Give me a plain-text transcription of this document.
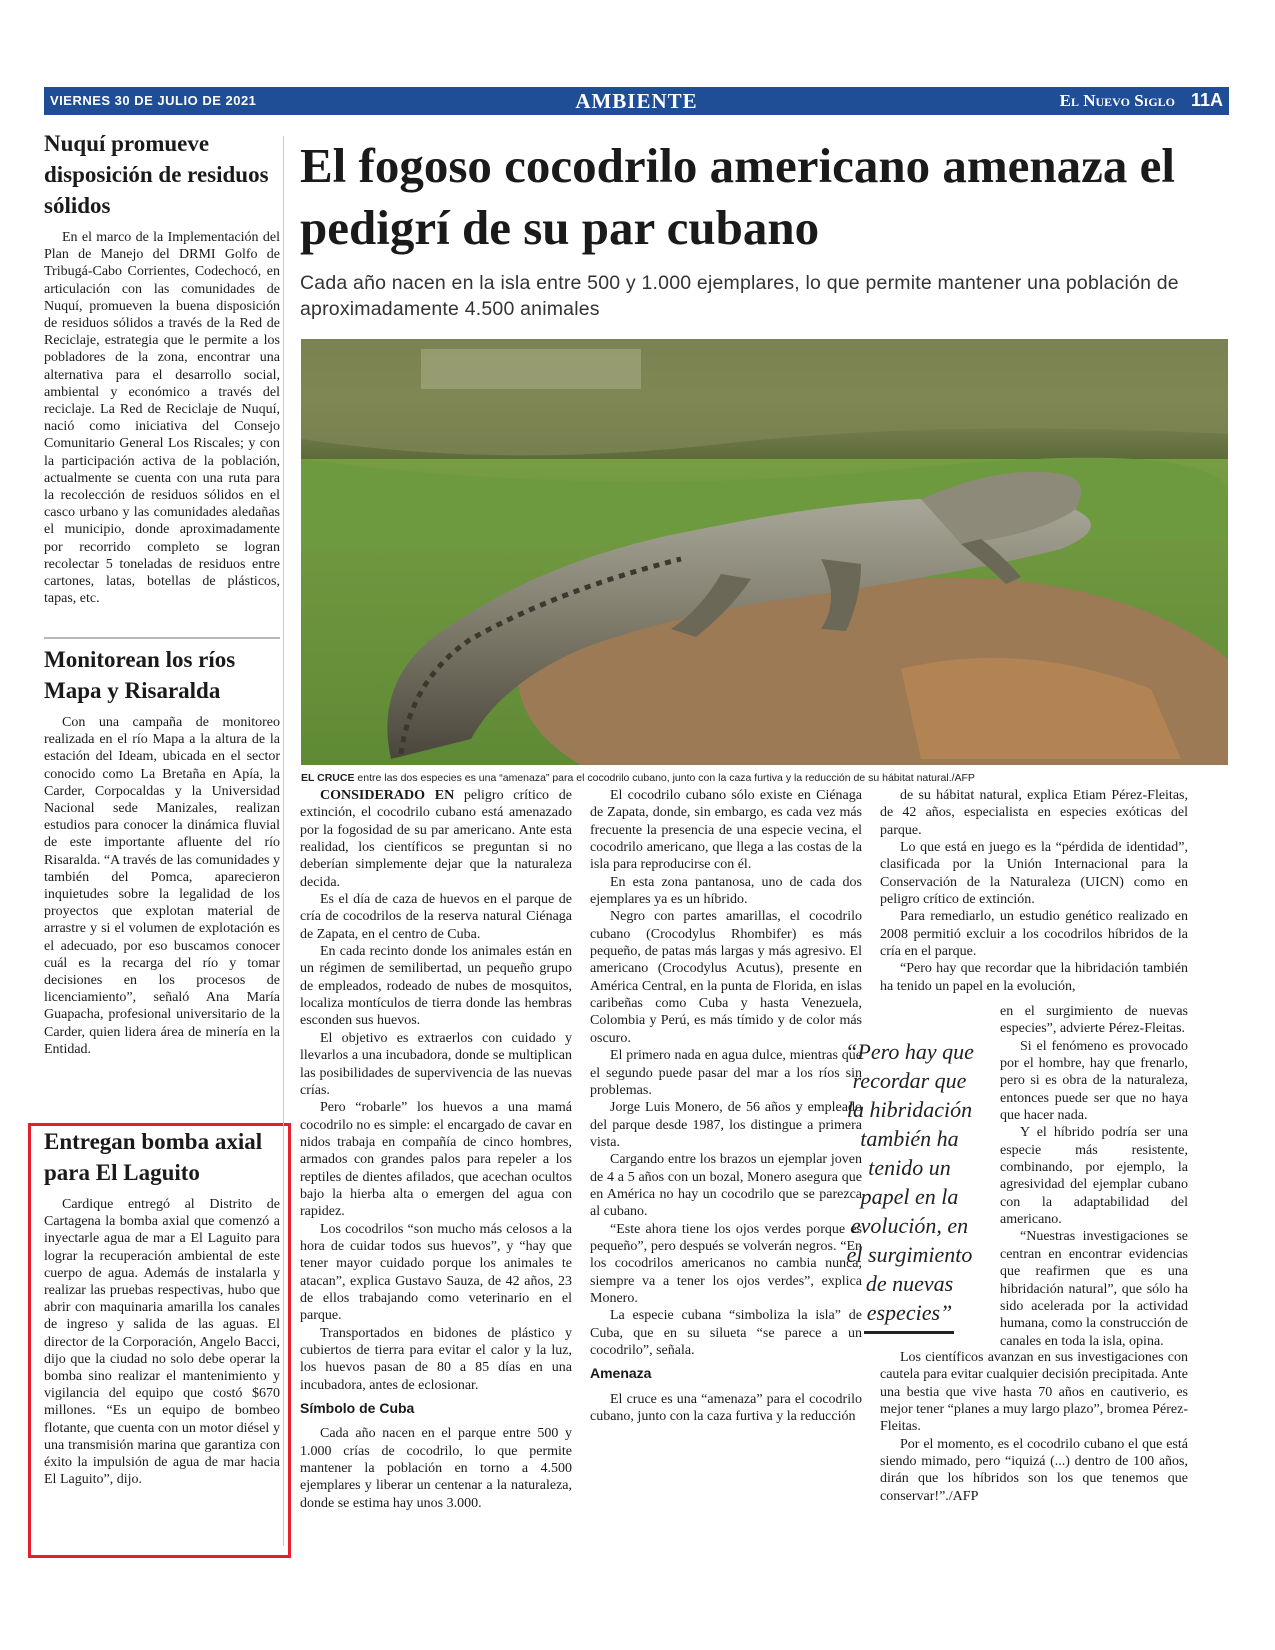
VIERNES 30 DE JULIO DE 2021	AMBIENTE	El Nuevo Siglo 11A
Nuquí promueve disposición de residuos sólidos

En el marco de la Implementación del Plan de Manejo del DRMI Golfo de Tribugá-Cabo Corrientes, Codechocó, en articulación con las comunidades de Nuquí, promueven la buena disposición de residuos sólidos a través de la Red de Reciclaje, estrategia que le permite a los pobladores de la zona, encontrar una alternativa para el desarrollo social, ambiental y económico a través del reciclaje. La Red de Reciclaje de Nuquí, nació como iniciativa del Consejo Comunitario General Los Riscales; y con la participación activa de la población, actualmente se cuenta con una ruta para la recolección de residuos sólidos en el casco urbano y las comunidades aledañas el municipio, donde aproximadamente por recorrido completo se logran recolectar 5 toneladas de residuos entre cartones, latas, botellas de plásticos, tapas, etc.

Monitorean los ríos Mapa y Risaralda

Con una campaña de monitoreo realizada en el río Mapa a la altura de la estación del Ideam, ubicada en el sector conocido como La Bretaña en Apía, la Carder, Corpocaldas y la Universidad Nacional sede Manizales, realizan estudios para conocer la dinámica fluvial de este importante afluente del río Risaralda. “A través de las comunidades y también del Pomca, aparecieron inquietudes sobre la legalidad de los proyectos que explotan material de arrastre y si el volumen de explotación es el adecuado, por eso buscamos conocer cuál es la recarga del río y tomar decisiones en los procesos de licenciamiento”, señaló Ana María Guapacha, profesional universitario de la Carder, quien lidera área de minería en la Entidad.

Entregan bomba axial para El Laguito

Cardique entregó al Distrito de Cartagena la bomba axial que comenzó a inyectarle agua de mar a El Laguito para lograr la recuperación ambiental de este cuerpo de agua. Además de instalarla y realizar las pruebas respectivas, hubo que abrir con maquinaria amarilla los canales de ingreso y salida de las aguas. El director de la Corporación, Angelo Bacci, dijo que la ciudad no solo debe operar la bomba sino realizar el mantenimiento y vigilancia del equipo que costó $670 millones. “Es un equipo de bombeo flotante, que cuenta con un motor diésel y una transmisión marina que garantiza con éxito la impulsión de agua de mar hacia El Laguito”, dijo.

El fogoso cocodrilo americano amenaza el pedigrí de su par cubano
Cada año nacen en la isla entre 500 y 1.000 ejemplares, lo que permite mantener una población de aproximadamente 4.500 animales
EL CRUCE entre las dos especies es una “amenaza” para el cocodrilo cubano, junto con la caza furtiva y la reducción de su hábitat natural./AFP

CONSIDERADO EN peligro crítico de extinción, el cocodrilo cubano está amenazado por la fogosidad de su par americano. Ante esta realidad, los científicos se preguntan si no deberían simplemente dejar que la naturaleza decida.

Es el día de caza de huevos en el parque de cría de cocodrilos de la reserva natural Ciénaga de Zapata, en el centro de Cuba.

En cada recinto donde los animales están en un régimen de semilibertad, un pequeño grupo de empleados, rodeado de nubes de mosquitos, localiza montículos de tierra donde las hembras esconden sus huevos.

El objetivo es extraerlos con cuidado y llevarlos a una incubadora, donde se multiplican las posibilidades de supervivencia de las nuevas crías.

Pero “robarle” los huevos a una mamá cocodrilo no es simple: el encargado de cavar en nidos trabaja en compañía de cinco hombres, armados con grandes palos para repeler a los reptiles de dientes afilados, que acechan ocultos bajo la hierba alta o emergen del agua con rapidez.

Los cocodrilos “son mucho más celosos a la hora de cuidar todos sus huevos”, y “hay que tener mayor cuidado porque los animales te atacan”, explica Gustavo Sauza, de 42 años, 23 de ellos trabajando como veterinario en el parque.

Transportados en bidones de plástico y cubiertos de tierra para evitar el calor y la luz, los huevos pasan de 80 a 85 días en una incubadora, antes de eclosionar.

Símbolo de Cuba

Cada año nacen en el parque entre 500 y 1.000 crías de cocodrilo, lo que permite mantener la población en torno a 4.500 ejemplares y liberar un centenar a la naturaleza, donde se estima hay unos 3.000.

El cocodrilo cubano sólo existe en Ciénaga de Zapata, donde, sin embargo, es cada vez más frecuente la presencia de una especie vecina, el cocodrilo americano, que llega a las costas de la isla para reproducirse con él.

En esta zona pantanosa, uno de cada dos ejemplares ya es un híbrido.

Negro con partes amarillas, el cocodrilo cubano (Crocodylus Rhombifer) es más pequeño, de patas más largas y más agresivo. El americano (Crocodylus Acutus), presente en América Central, en la punta de Florida, en islas caribeñas como Cuba y hasta Venezuela, Colombia y Perú, es más tímido y de color más oscuro.

El primero nada en agua dulce, mientras que el segundo puede pasar del mar a los ríos sin problemas.

Jorge Luis Monero, de 56 años y empleado del parque desde 1987, los distingue a primera vista.

Cargando entre los brazos un ejemplar joven de 4 a 5 años con un bozal, Monero asegura que en América no hay un cocodrilo que se parezca al cubano.

“Este ahora tiene los ojos verdes porque es pequeño”, pero después se volverán negros. “En los cocodrilos americanos no cambia nunca, siempre va a tener los ojos verdes”, explica Monero.

La especie cubana “simboliza la isla” de Cuba, que en su silueta “se parece a un cocodrilo”, señala.

Amenaza

El cruce es una “amenaza” para el cocodrilo cubano, junto con la caza furtiva y la reducción

de su hábitat natural, explica Etiam Pérez-Fleitas, de 42 años, especialista en especies exóticas del parque.

Lo que está en juego es la “pérdida de identidad”, clasificada por la Unión Internacional para la Conservación de la Naturaleza (UICN) como en peligro crítico de extinción.

Para remediarlo, un estudio genético realizado en 2008 permitió excluir a los cocodrilos híbridos de la cría en el parque.

“Pero hay que recordar que la hibridación también ha tenido un papel en la evolución,

en el surgimiento de nuevas especies”, advierte Pérez-Fleitas.

Si el fenómeno es provocado por el hombre, hay que frenarlo, pero si es obra de la naturaleza, entonces puede ser que no haya que hacer nada.

Y el híbrido podría ser una especie más resistente, combinando, por ejemplo, la agresividad del ejemplar cubano con la adaptabilidad del americano.

“Nuestras investigaciones se centran en encontrar evidencias que reafirmen que es una hibridación natural”, que sólo ha sido acelerada por la actividad humana, como la construcción de canales en toda la isla, opina.

Los científicos avanzan en sus investigaciones con cautela para evitar cualquier decisión precipitada. Ante una bestia que vive hasta 70 años en cautiverio, es mejor tener “planes a muy largo plazo”, bromea Pérez-Fleitas.

Por el momento, es el cocodrilo cubano el que está siendo mimado, pero “iquizá (...) dentro de 100 años, dirán que los híbridos son los que tenemos que conservar!”./AFP

“Pero hay que recordar que la hibridación también ha tenido un papel en la evolución, en el surgimiento de nuevas especies”
